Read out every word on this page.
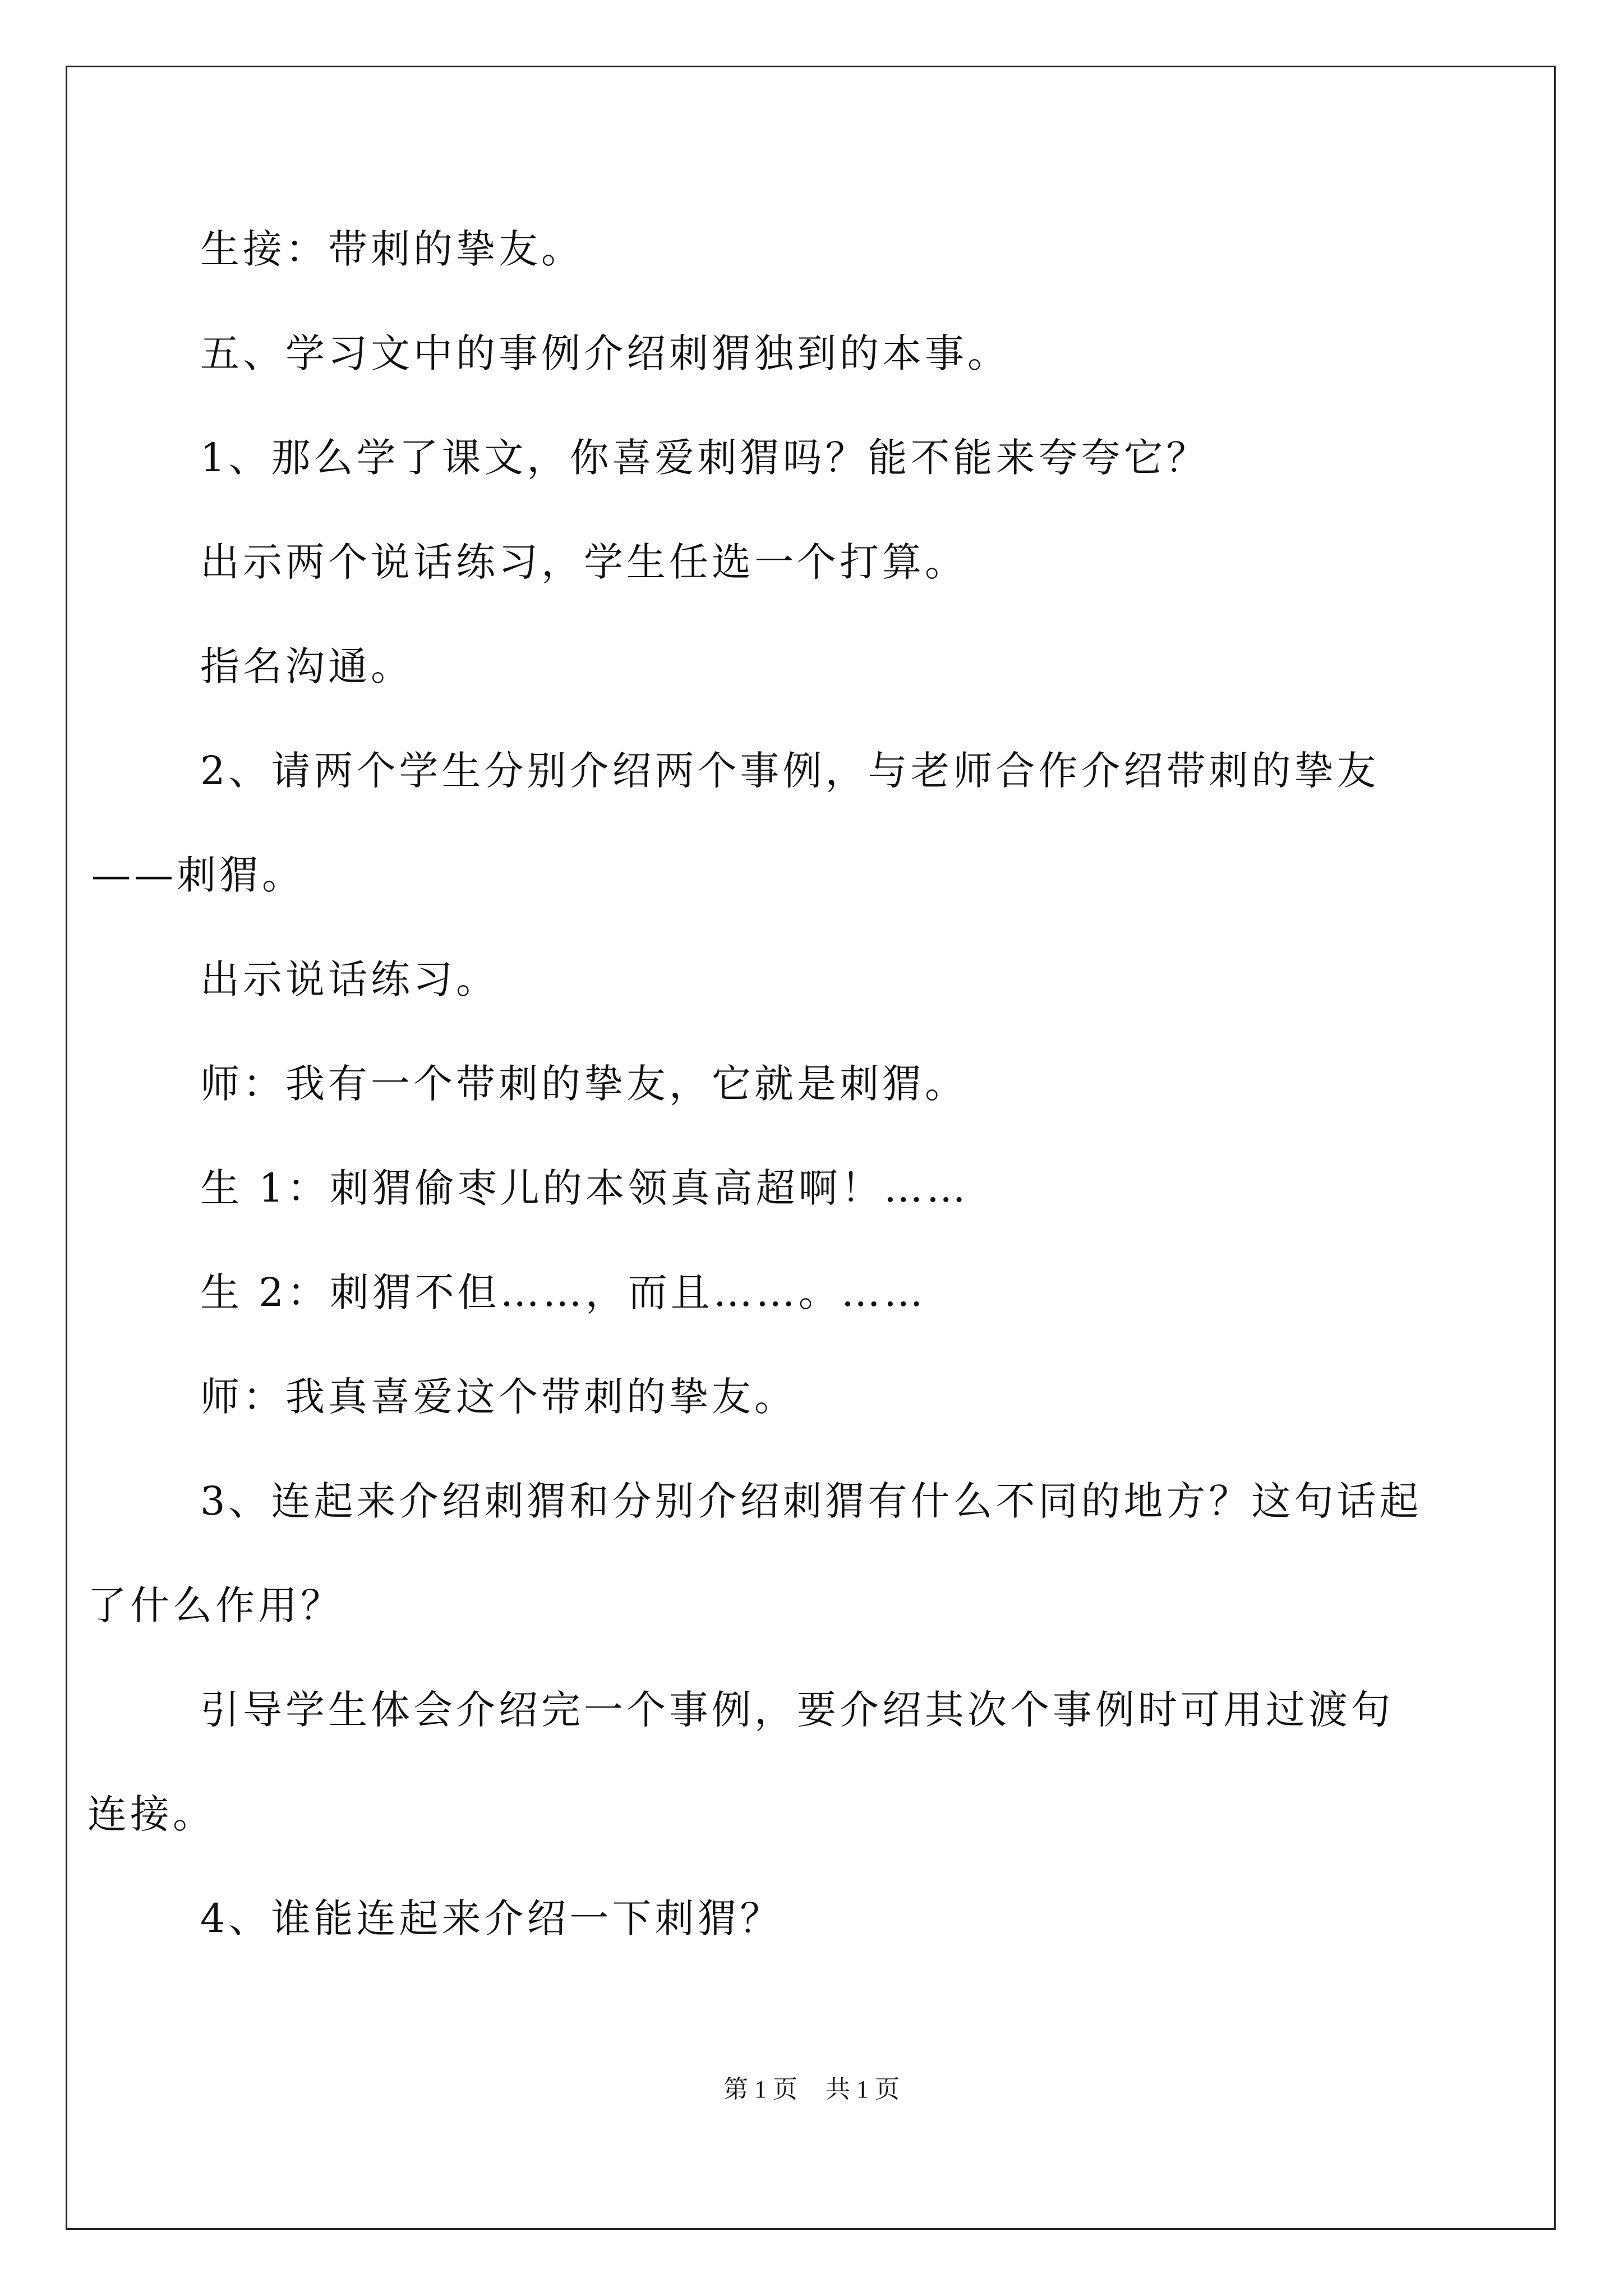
生接：带刺的挚友。

五、学习文中的事例介绍刺猬独到的本事。

1、那么学了课文，你喜爱刺猬吗？能不能来夸夸它？

出示两个说话练习，学生任选一个打算。

指名沟通。

2、请两个学生分别介绍两个事例，与老师合作介绍带刺的挚友

——刺猬。

出示说话练习。

师：我有一个带刺的挚友，它就是刺猬。

生 1：刺猬偷枣儿的本领真高超啊！……

生 2：刺猬不但……，而且……。……

师：我真喜爱这个带刺的挚友。

3、连起来介绍刺猬和分别介绍刺猬有什么不同的地方？这句话起

了什么作用？

引导学生体会介绍完一个事例，要介绍其次个事例时可用过渡句

连接。

4、谁能连起来介绍一下刺猬？

第 1 页 共 1 页
